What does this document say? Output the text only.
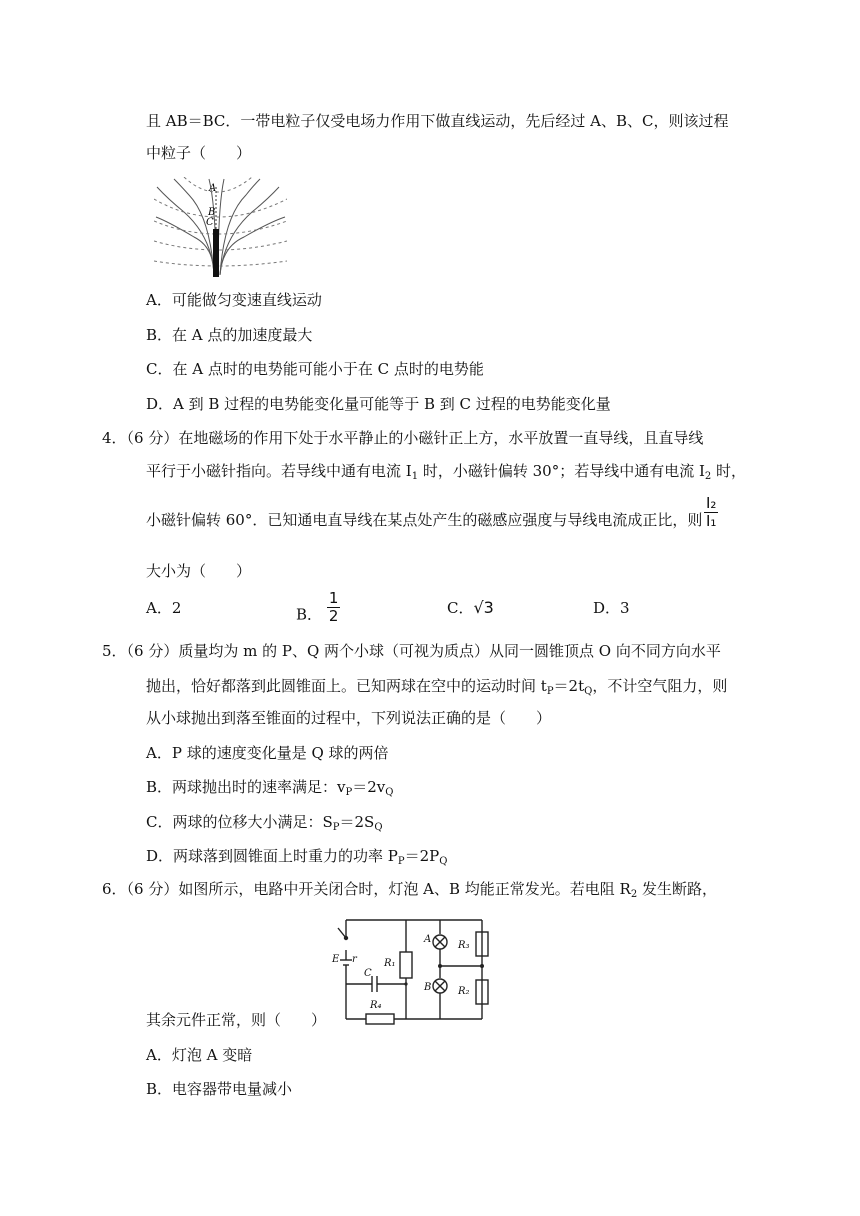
且 AB＝BC．一带电粒子仅受电场力作用下做直线运动，先后经过 A、B、C，则该过程
中粒子（　　）
A
B
C
A．可能做匀变速直线运动
B．在 A 点的加速度最大
C．在 A 点时的电势能可能小于在 C 点时的电势能
D．A 到 B 过程的电势能变化量可能等于 B 到 C 过程的电势能变化量
4．（6 分）在地磁场的作用下处于水平静止的小磁针正上方，水平放置一直导线，且直导线
平行于小磁针指向。若导线中通有电流 $I_1$ 时，小磁针偏转 30°；若导线中通有电流 $I_2$ 时，
小磁针偏转 60°．已知通电直导线在某点处产生的磁感应强度与导线电流成正比，则 $\frac{\text{I₂}}{\text{I₁}}$
大小为（　　）
A．2	B． $\frac{1}{2}$	C．√3	D．3
5．（6 分）质量均为 m 的 P、Q 两个小球（可视为质点）从同一圆锥顶点 O 向不同方向水平
抛出，恰好都落到此圆锥面上。已知两球在空中的运动时间 $t_P=2t_Q$，不计空气阻力，则
从小球抛出到落至锥面的过程中，下列说法正确的是（　　）
A．P 球的速度变化量是 Q 球的两倍
B．两球抛出时的速率满足：$v_P=2v_Q$
C．两球的位移大小满足：$S_P=2S_Q$
D．两球落到圆锥面上时重力的功率 $P_P=2P_Q$
6．（6 分）如图所示，电路中开关闭合时，灯泡 A、B 均能正常发光。若电阻 $R_2$ 发生断路，
E r
C
R₁
R₄
A
B
R₃
R₂
其余元件正常，则（　　）
A．灯泡 A 变暗
B．电容器带电量减小
